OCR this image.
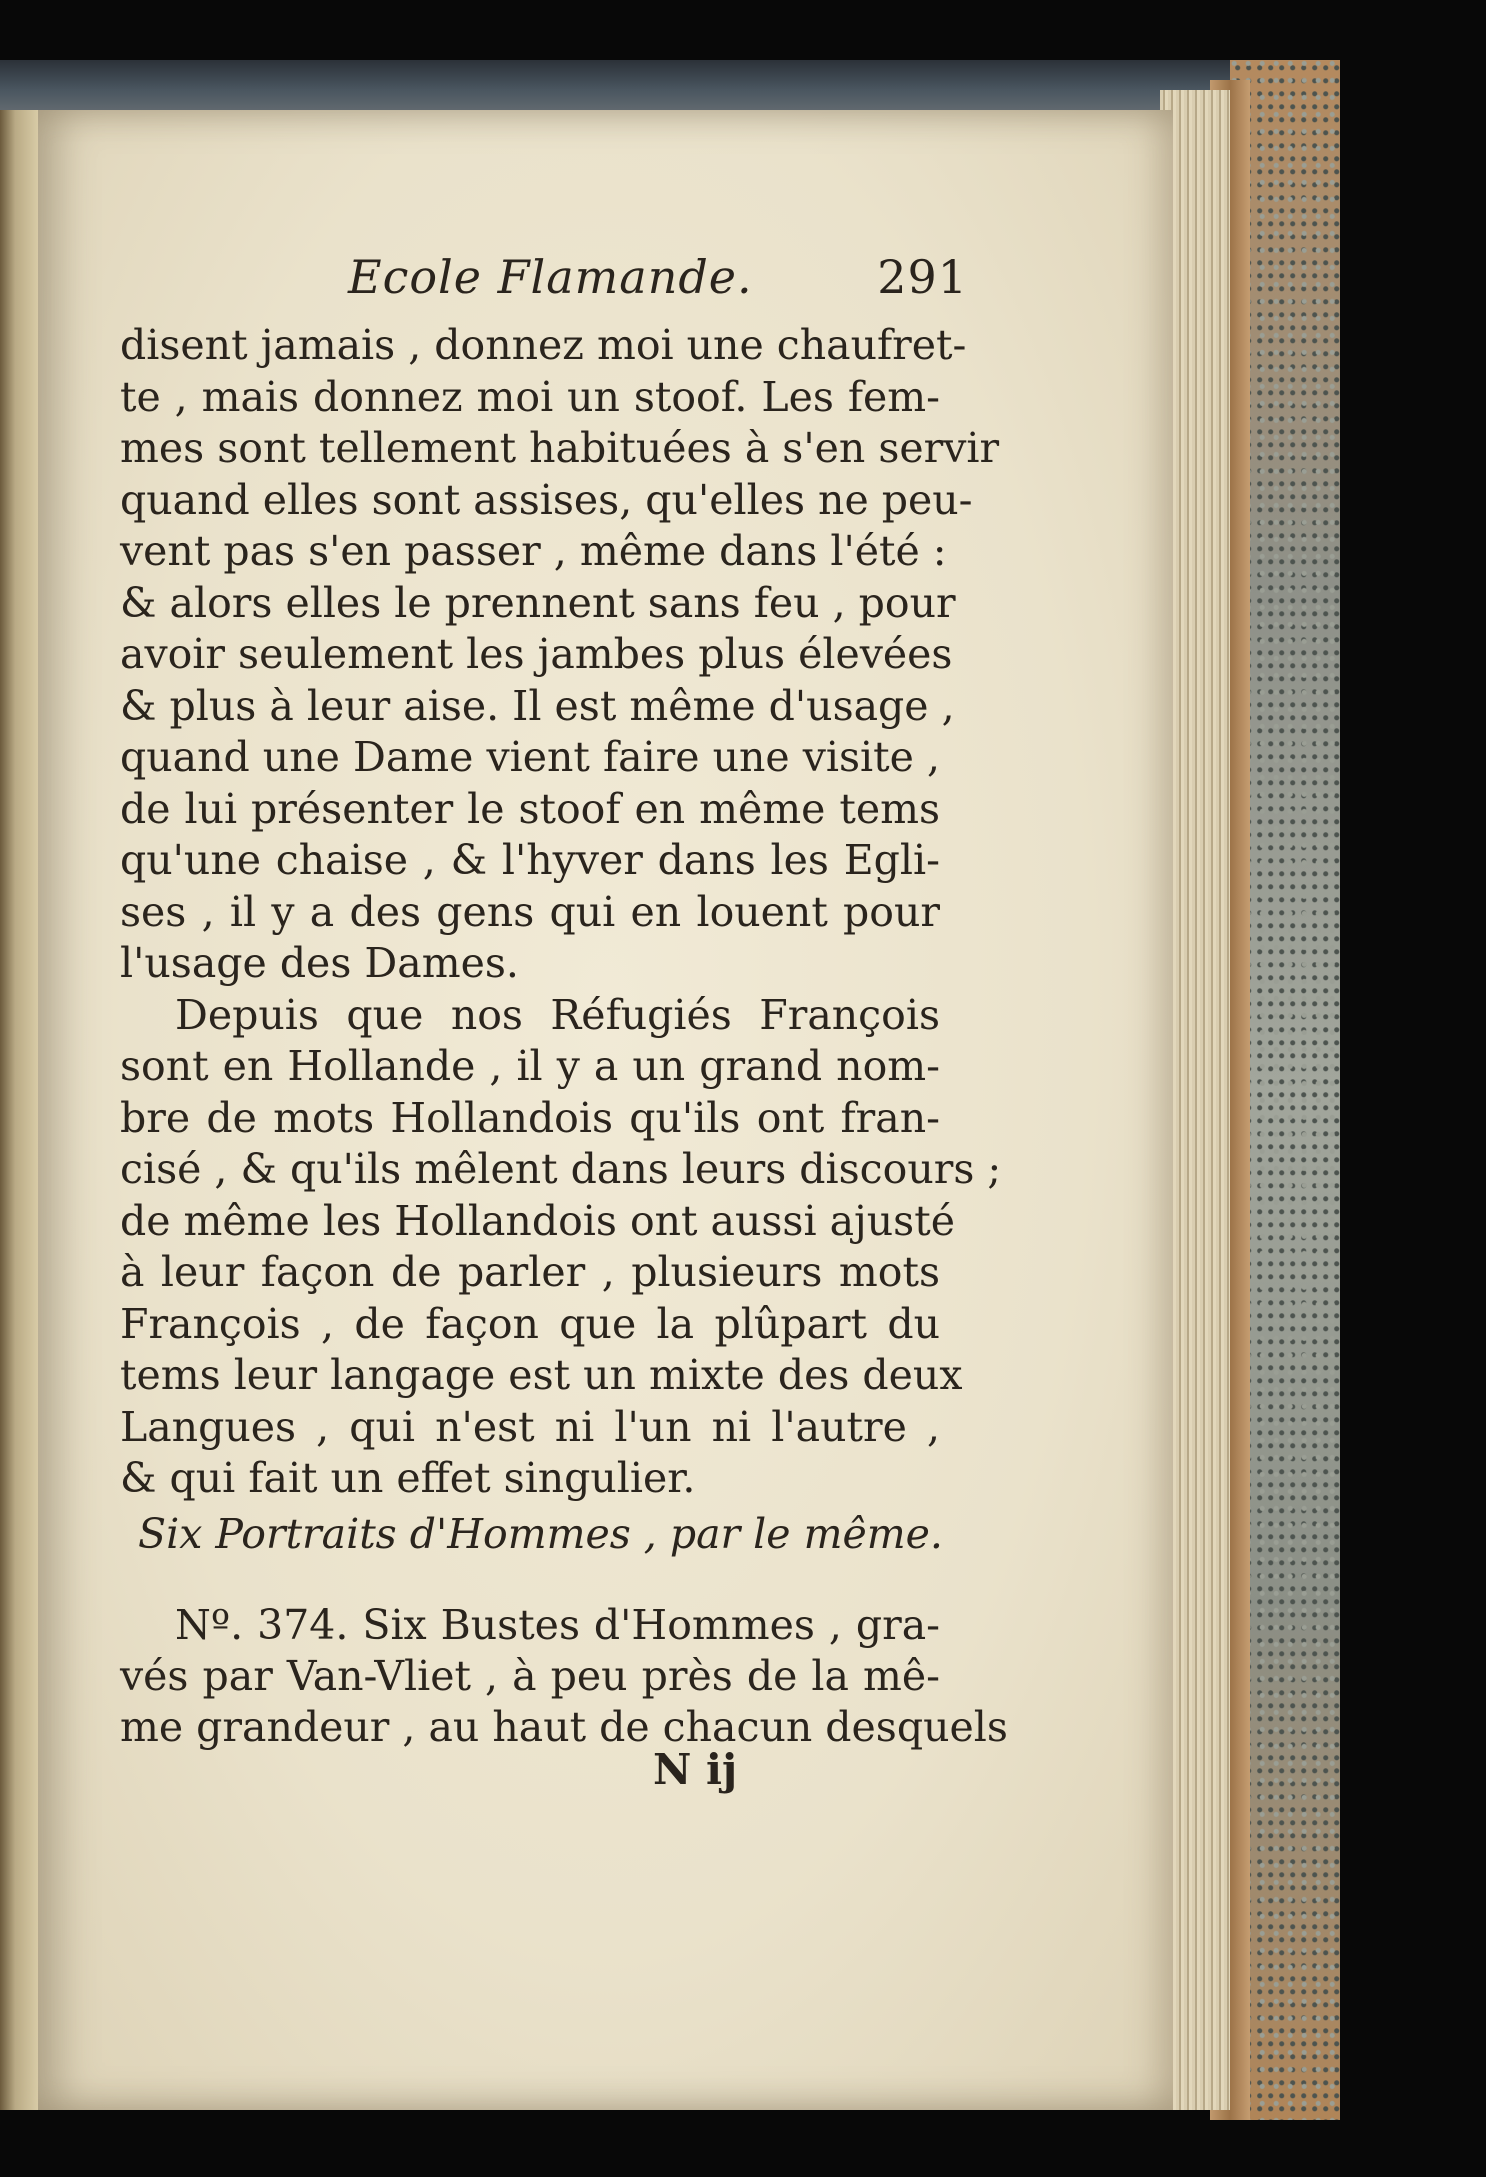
Ecole Flamande.	291
disent jamais , donnez moi une chaufret-
te , mais donnez moi un stoof. Les fem-
mes sont tellement habituées à s'en servir
quand elles sont assises, qu'elles ne peu-
vent pas s'en passer , même dans l'été :
& alors elles le prennent sans feu , pour
avoir seulement les jambes plus élevées
& plus à leur aise. Il est même d'usage ,
quand une Dame vient faire une visite ,
de lui présenter le stoof en même tems
qu'une chaise , & l'hyver dans les Egli-
ses , il y a des gens qui en louent pour
l'usage des Dames.
Depuis que nos Réfugiés François
sont en Hollande , il y a un grand nom-
bre de mots Hollandois qu'ils ont fran-
cisé , & qu'ils mêlent dans leurs discours ;
de même les Hollandois ont aussi ajusté
à leur façon de parler , plusieurs mots
François , de façon que la plûpart du
tems leur langage est un mixte des deux
Langues , qui n'est ni l'un ni l'autre ,
& qui fait un effet singulier.
Six Portraits d'Hommes , par le même.
Nº. 374. Six Bustes d'Hommes , gra-
vés par Van-Vliet , à peu près de la mê-
me grandeur , au haut de chacun desquels
N ij
